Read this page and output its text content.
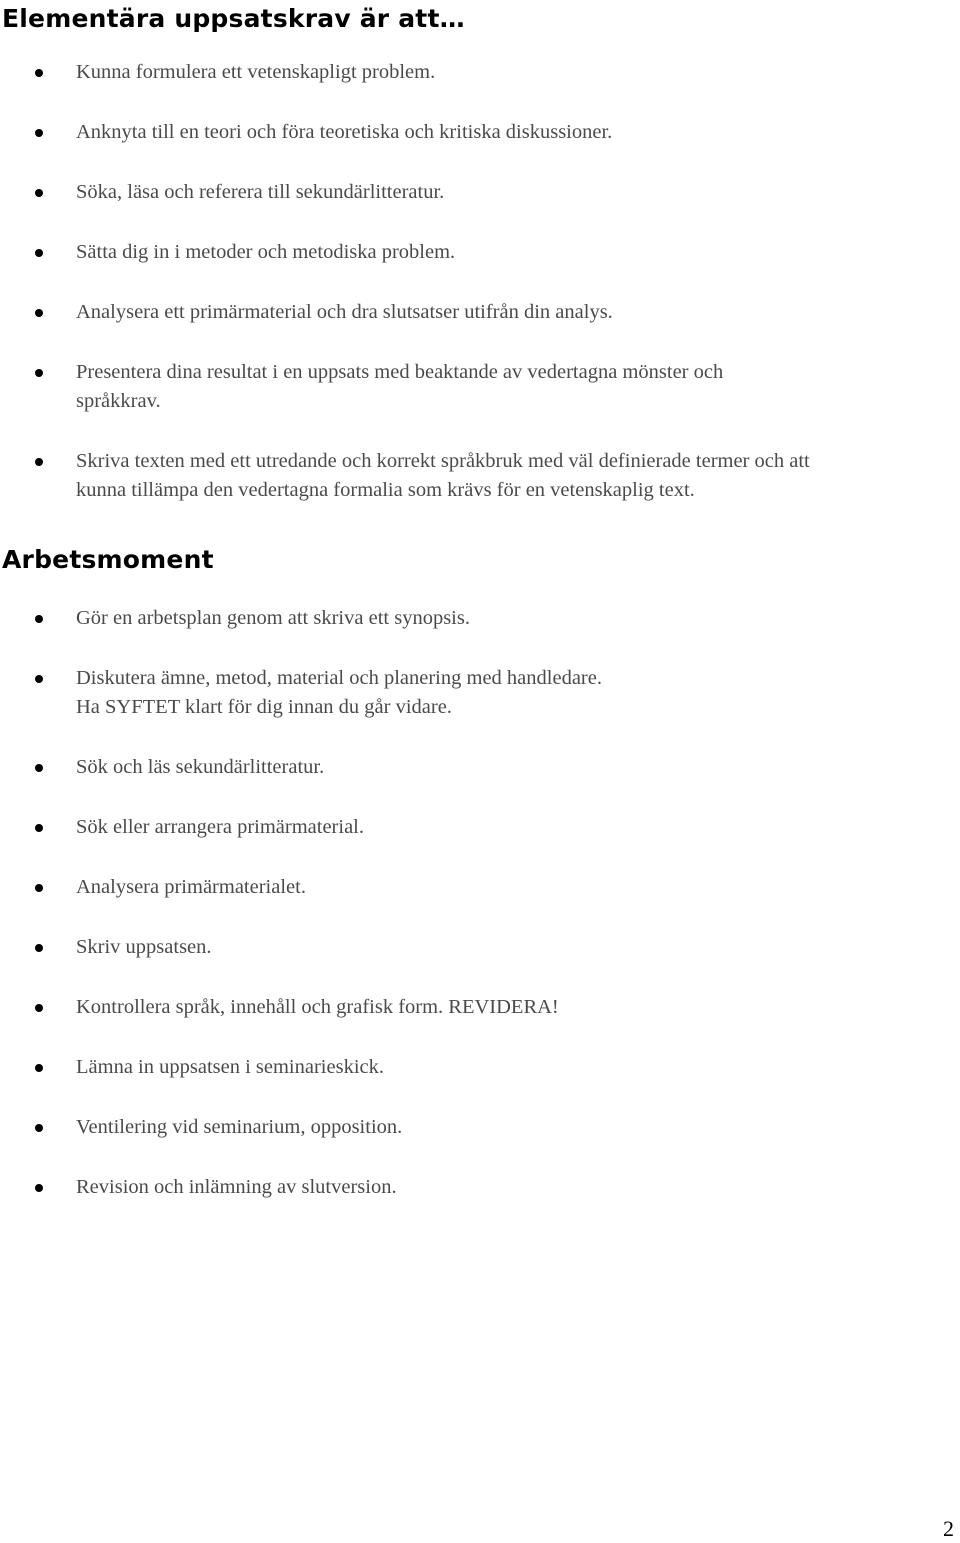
Elementära uppsatskrav är att…
Kunna formulera ett vetenskapligt problem.
Anknyta till en teori och föra teoretiska och kritiska diskussioner.
Söka, läsa och referera till sekundärlitteratur.
Sätta dig in i metoder och metodiska problem.
Analysera ett primärmaterial och dra slutsatser utifrån din analys.
Presentera dina resultat i en uppsats med beaktande av vedertagna mönster och
språkkrav.
Skriva texten med ett utredande och korrekt språkbruk med väl definierade termer och att
kunna tillämpa den vedertagna formalia som krävs för en vetenskaplig text.
Arbetsmoment
Gör en arbetsplan genom att skriva ett synopsis.
Diskutera ämne, metod, material och planering med handledare.
Ha SYFTET klart för dig innan du går vidare.
Sök och läs sekundärlitteratur.
Sök eller arrangera primärmaterial.
Analysera primärmaterialet.
Skriv uppsatsen.
Kontrollera språk, innehåll och grafisk form. REVIDERA!
Lämna in uppsatsen i seminarieskick.
Ventilering vid seminarium, opposition.
Revision och inlämning av slutversion.
2
